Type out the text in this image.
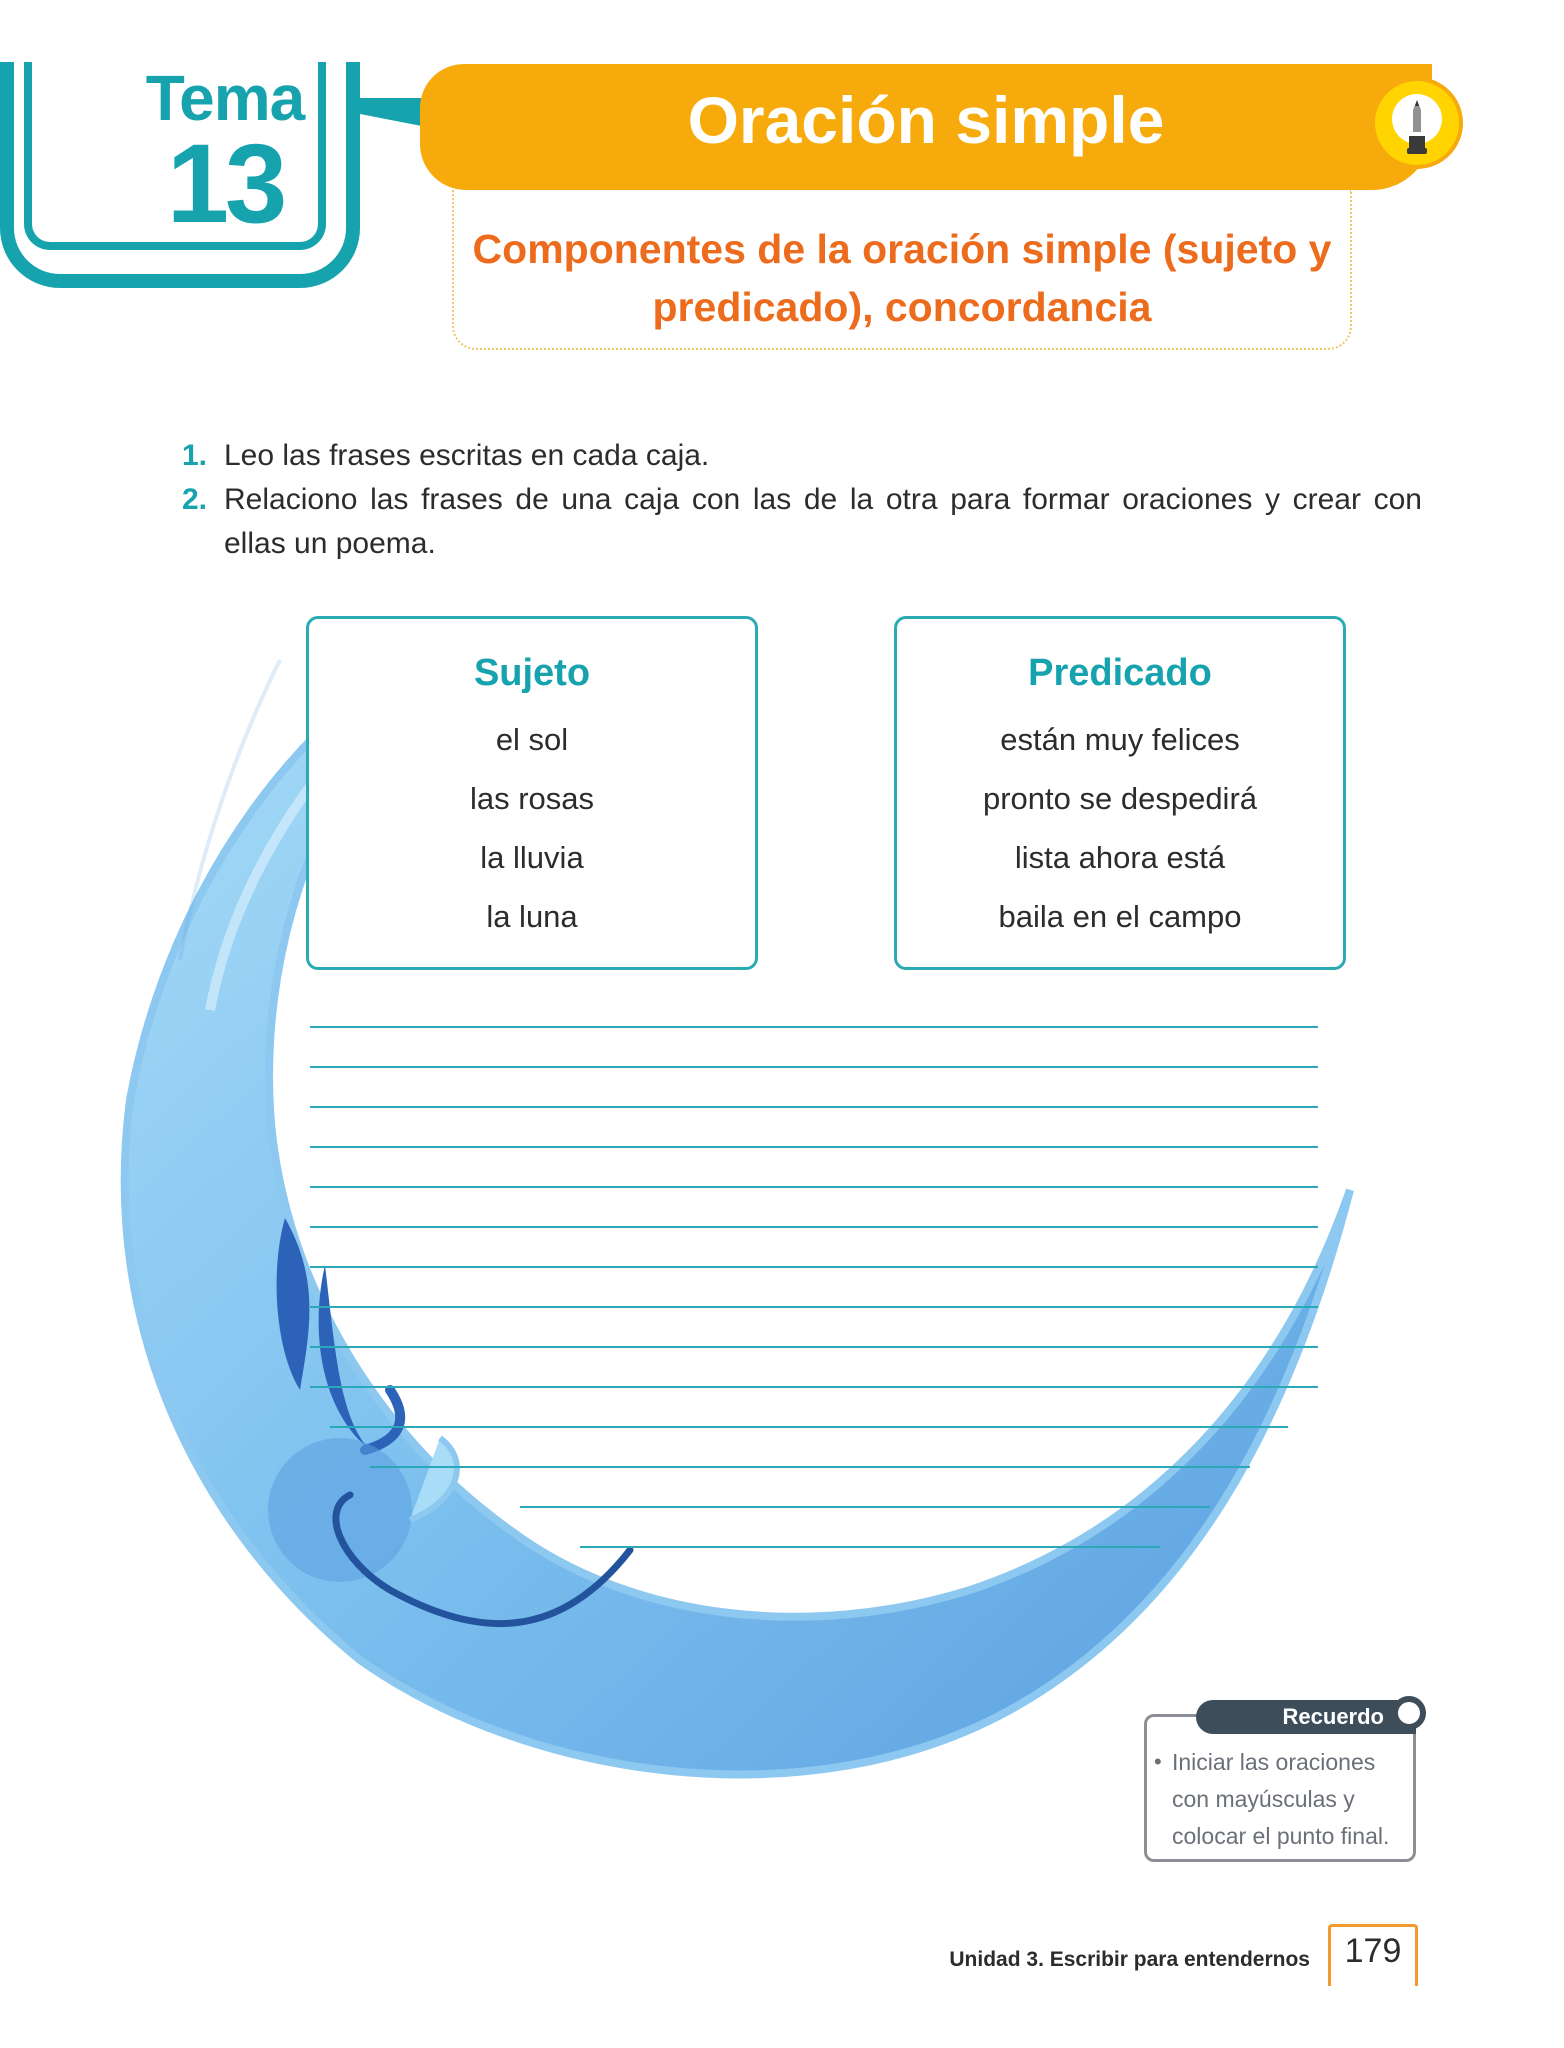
Tema
13
Oración simple
Componentes de la oración simple (sujeto y predicado), concordancia
1. Leo las frases escritas en cada caja.
2. Relaciono las frases de una caja con las de la otra para formar oraciones y crear con ellas un poema.
Sujeto
el sol
las rosas
la lluvia
la luna
Predicado
están muy felices
pronto se despedirá
lista ahora está
baila en el campo
Recuerdo
• Iniciar las oraciones con mayúsculas y colocar el punto final.
Unidad 3. Escribir para entendernos	179
